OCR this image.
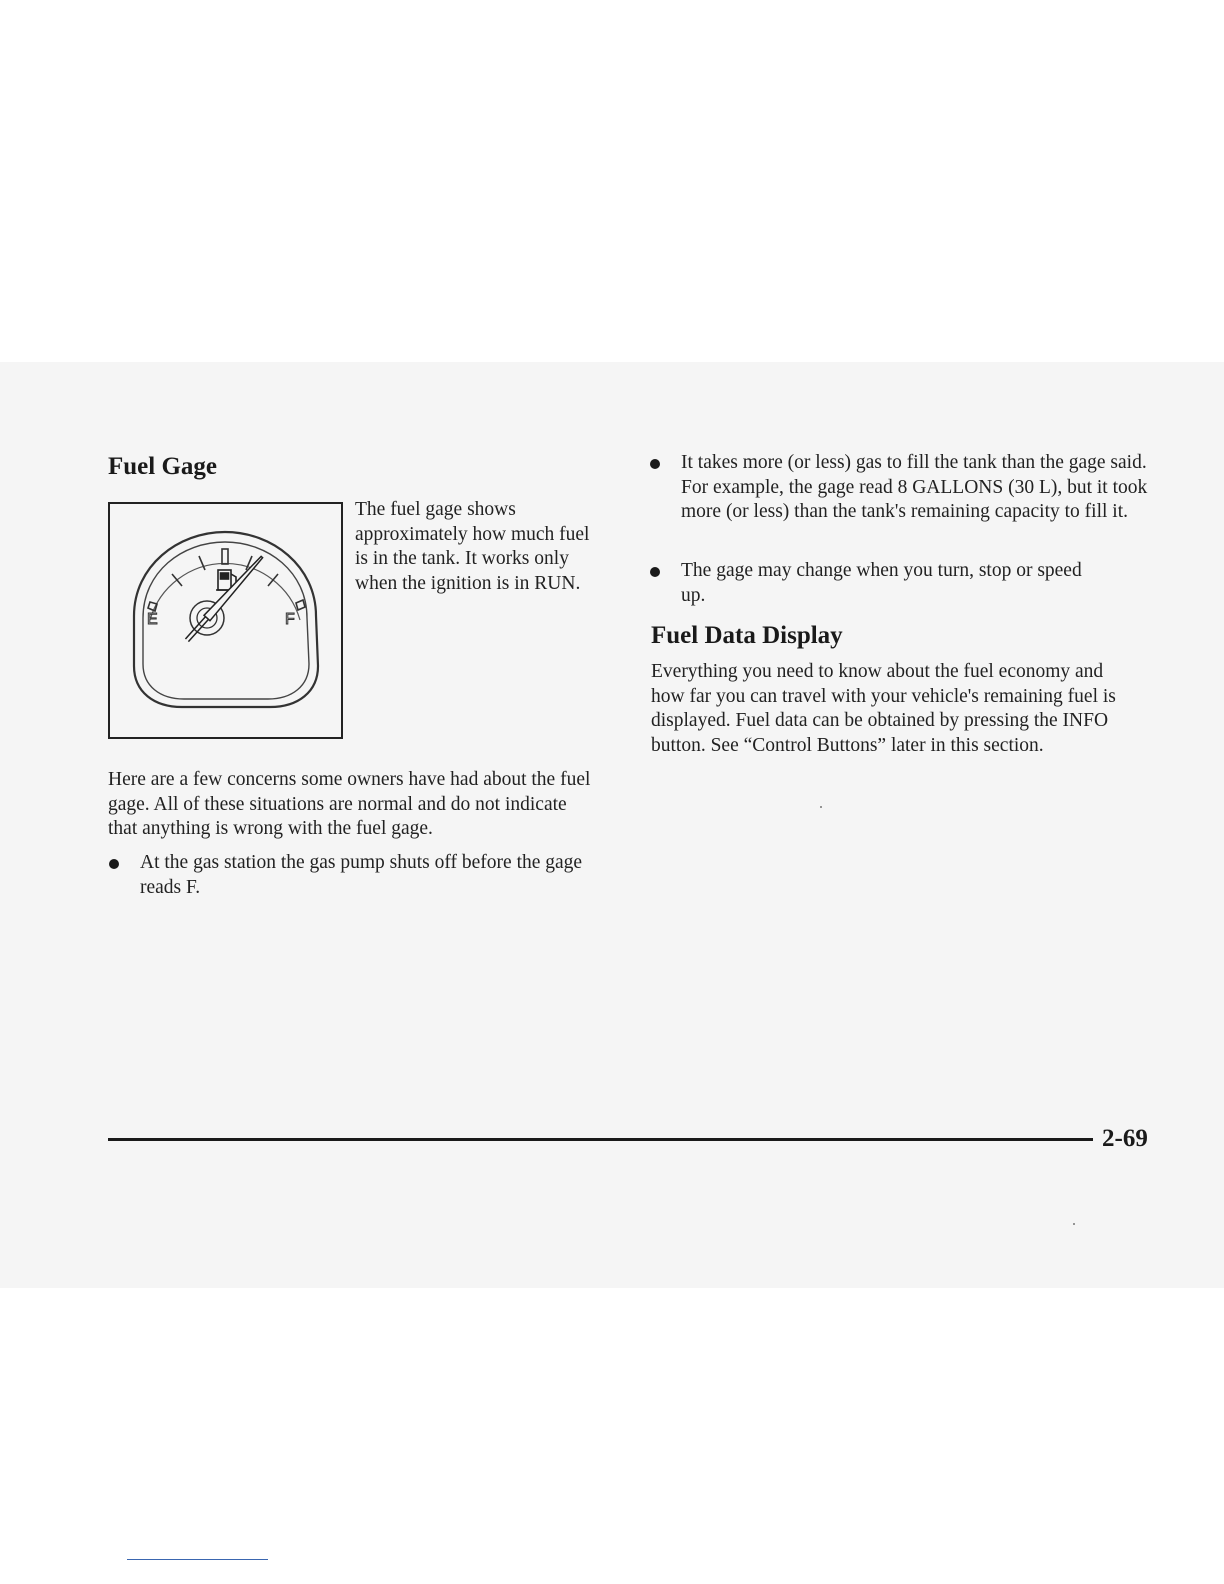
Fuel Gage
E	F

The fuel gage shows approximately how much fuel is in the tank. It works only when the ignition is in RUN.

Here are a few concerns some owners have had about the fuel gage. All of these situations are normal and do not indicate that anything is wrong with the fuel gage.

At the gas station the gas pump shuts off before the gage reads F.
It takes more (or less) gas to fill the tank than the gage said. For example, the gage read 8 GALLONS (30 L), but it took more (or less) than the tank's remaining capacity to fill it.
The gage may change when you turn, stop or speed up.
Fuel Data Display

Everything you need to know about the fuel economy and how far you can travel with your vehicle's remaining fuel is displayed. Fuel data can be obtained by pressing the INFO button. See “Control Buttons” later in this section.

2-69
